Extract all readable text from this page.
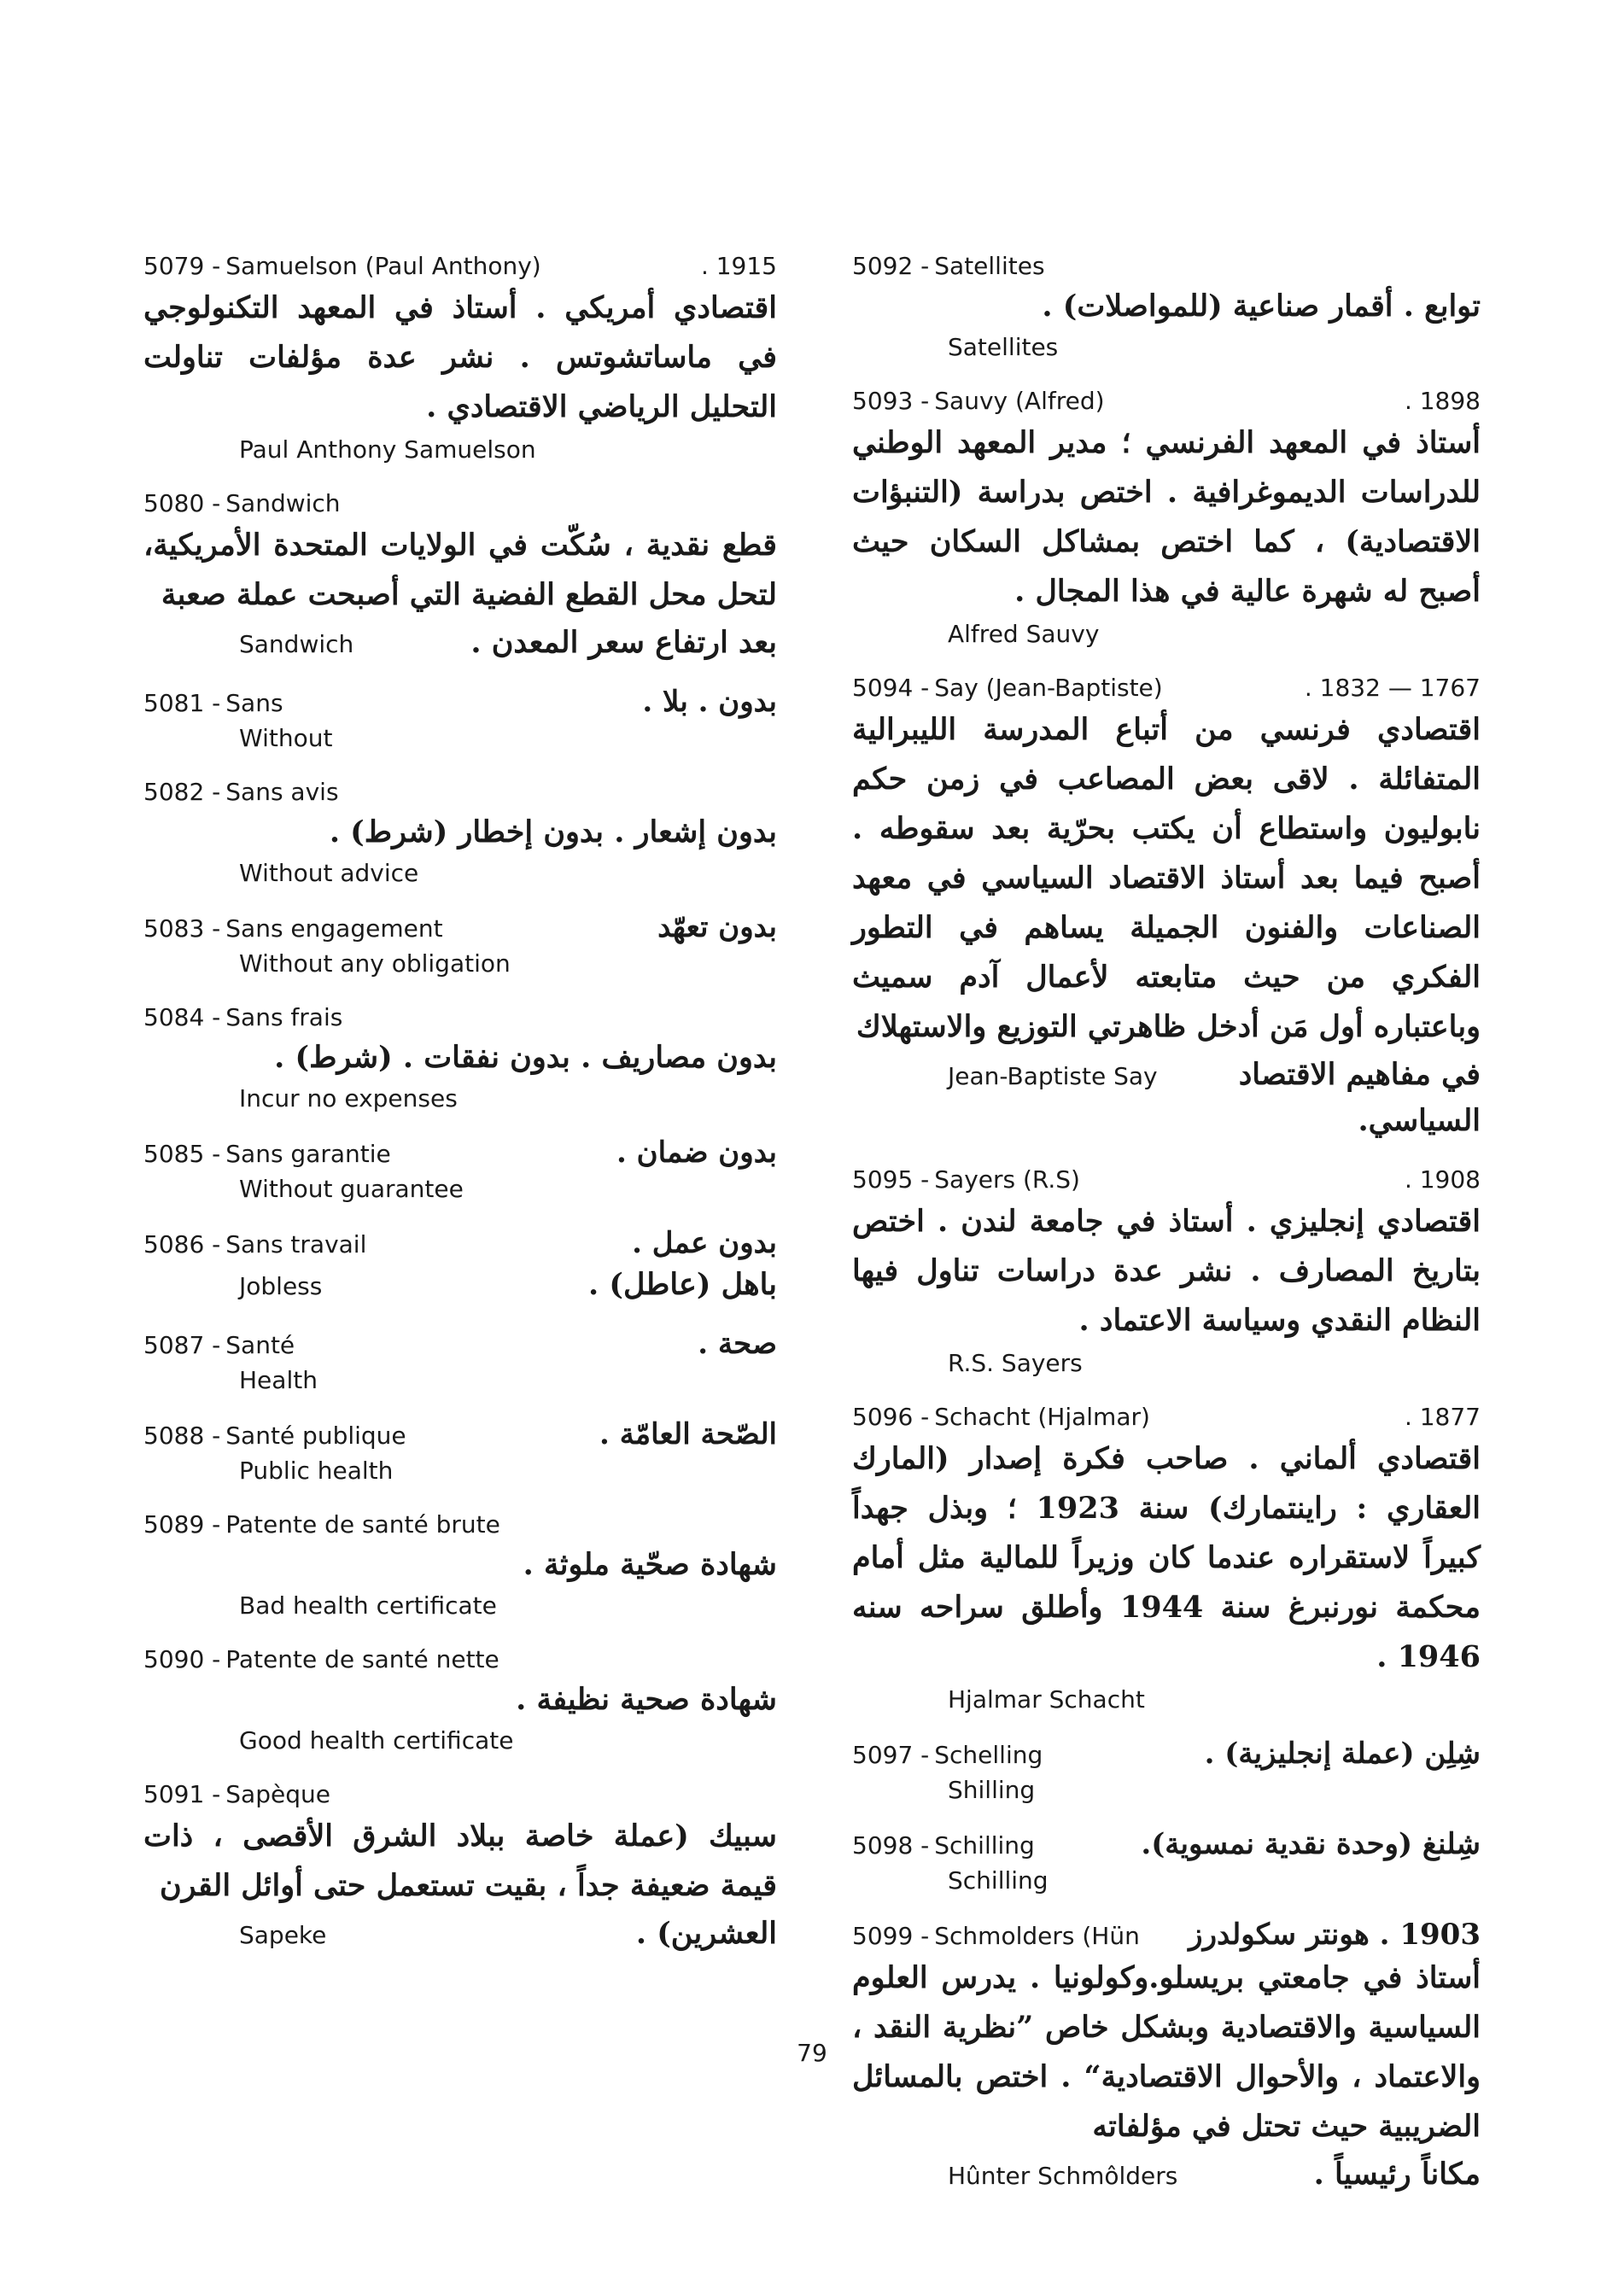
5079 - Samuelson (Paul Anthony)	. 1915
اقتصادي أمريكي . أستاذ في المعهد التكنولوجي في ماساتشوتس . نشر عدة مؤلفات تناولت التحليل الرياضي الاقتصادي .
Paul Anthony Samuelson
5080 - Sandwich
قطع نقدية ، سُكّت في الولايات المتحدة الأمريكية، لتحل محل القطع الفضية التي أصبحت عملة صعبة
Sandwich	بعد ارتفاع سعر المعدن .
5081 - Sans	بدون . بلا .
Without
5082 - Sans avis
بدون إشعار . بدون إخطار (شرط) .
Without advice
5083 - Sans engagement	بدون تعهّد
Without any obligation
5084 - Sans frais
بدون مصاريف . بدون نفقات . (شرط) .
Incur no expenses
5085 - Sans garantie	بدون ضمان .
Without guarantee
5086 - Sans travail	بدون عمل .
Jobless	باهل (عاطل) .
5087 - Santé	صحة .
Health
5088 - Santé publique	الصّحة العامّة .
Public health
5089 - Patente de santé brute
شهادة صحّية ملوثة .
Bad health certificate
5090 - Patente de santé nette
شهادة صحية نظيفة .
Good health certificate
5091 - Sapèque
سبيك (عملة خاصة ببلاد الشرق الأقصى ، ذات قيمة ضعيفة جداً ، بقيت تستعمل حتى أوائل القرن
Sapeke	العشرين) .
5092 - Satellites
توابع . أقمار صناعية (للمواصلات) .
Satellites
5093 - Sauvy (Alfred)	. 1898
أستاذ في المعهد الفرنسي ؛ مدير المعهد الوطني للدراسات الديموغرافية . اختص بدراسة (التنبؤات الاقتصادية) ، كما اختص بمشاكل السكان حيث أصبح له شهرة عالية في هذا المجال .
Alfred Sauvy
5094 - Say (Jean-Baptiste)	. 1832 — 1767
اقتصادي فرنسي من أتباع المدرسة الليبرالية المتفائلة . لاقى بعض المصاعب في زمن حكم نابوليون واستطاع أن يكتب بحرّية بعد سقوطه . أصبح فيما بعد أستاذ الاقتصاد السياسي في معهد الصناعات والفنون الجميلة يساهم في التطور الفكري من حيث متابعته لأعمال آدم سميث وباعتباره أول مَن أدخل ظاهرتي التوزيع والاستهلاك
Jean-Baptiste Say	في مفاهيم الاقتصاد السياسي.
5095 - Sayers (R.S)	. 1908
اقتصادي إنجليزي . أستاذ في جامعة لندن . اختص بتاريخ المصارف . نشر عدة دراسات تناول فيها النظام النقدي وسياسة الاعتماد .
R.S. Sayers
5096 - Schacht (Hjalmar)	. 1877
اقتصادي ألماني . صاحب فكرة إصدار (المارك العقاري : راينتمارك) سنة 1923 ؛ وبذل جهداً كبيراً لاستقراره عندما كان وزيراً للمالية مثل أمام محكمة نورنبرغ سنة 1944 وأطلق سراحه سنه 1946 .
Hjalmar Schacht
5097 - Schelling	شِلِن (عملة إنجليزية) .
Shilling
5098 - Schilling	شِلنغ (وحدة نقدية نمسوية).
Schilling
5099 - Schmolders (Hün 1903 . هونتر سكولدرز
أستاذ في جامعتي بريسلو.وكولونيا . يدرس العلوم السياسية والاقتصادية وبشكل خاص ”نظرية النقد ، والاعتماد ، والأحوال الاقتصادية“ . اختص بالمسائل الضريبية حيث تحتل في مؤلفاته
Hûnter Schmôlders	مكاناً رئيسياً .
79
